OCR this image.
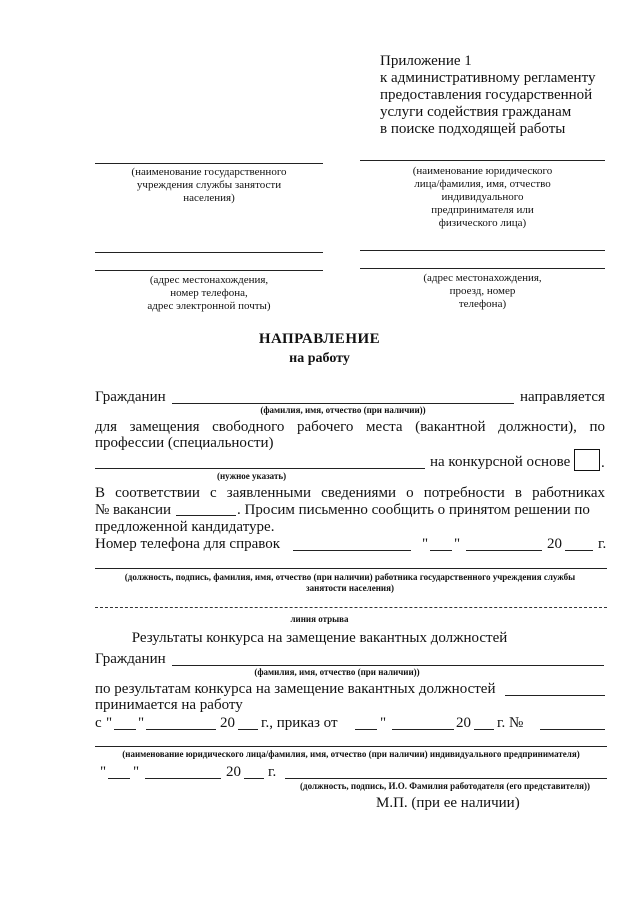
Приложение 1
к административному регламенту
предоставления государственной
услуги содействия гражданам
в поиске подходящей работы
(наименование государственного
учреждения службы занятости
населения)
(адрес местонахождения,
номер телефона,
адрес электронной почты)
(наименование юридического
лица/фамилия, имя, отчество
индивидуального
предпринимателя или
физического лица)
(адрес местонахождения,
проезд, номер
телефона)
НАПРАВЛЕНИЕ
на работу
Гражданин	направляется
(фамилия, имя, отчество (при наличии))
для замещения свободного рабочего места (вакантной должности), по
профессии (специальности)
на конкурсной основе .
(нужное указать)
В соответствии с заявленными сведениями о потребности в работниках
№ вакансии	. Просим письменно сообщить о принятом решении по
предложенной кандидатуре.
Номер телефона для справок	" "	20 г.
(должность, подпись, фамилия, имя, отчество (при наличии) работника государственного учреждения службы
занятости населения)
линия отрыва
Результаты конкурса на замещение вакантных должностей
Гражданин
(фамилия, имя, отчество (при наличии))
по результатам конкурса на замещение вакантных должностей
принимается на работу
с " "	20 г., приказ от	"	20 г. №
(наименование юридического лица/фамилия, имя, отчество (при наличии) индивидуального предпринимателя)
" "	20 г.
(должность, подпись, И.О. Фамилия работодателя (его представителя))
М.П. (при ее наличии)
